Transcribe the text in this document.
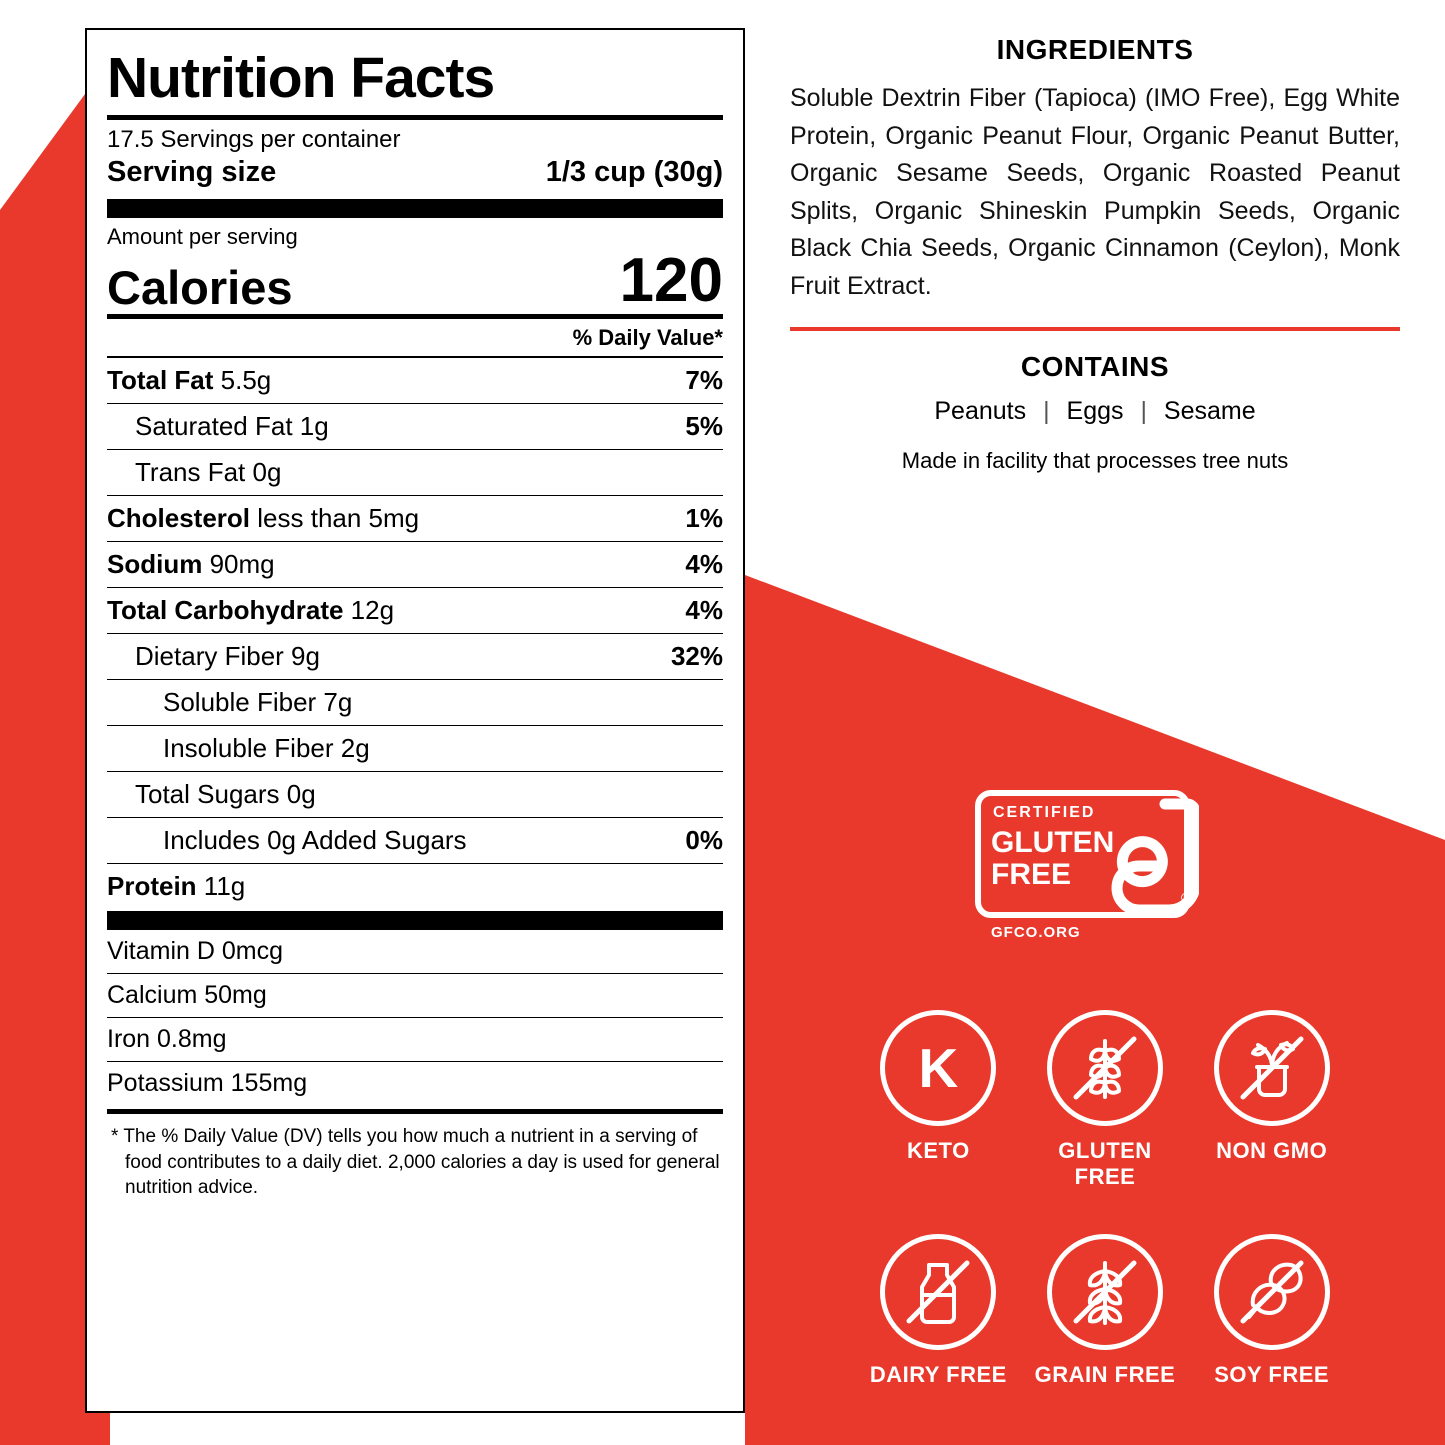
Nutrition Facts
17.5 Servings per container
Serving size	1/3 cup (30g)
Amount per serving
Calories	120
% Daily Value*
Total Fat 5.5g	7%
Saturated Fat 1g	5%
Trans Fat 0g
Cholesterol less than 5mg	1%
Sodium 90mg	4%
Total Carbohydrate 12g	4%
Dietary Fiber 9g	32%
Soluble Fiber 7g
Insoluble Fiber 2g
Total Sugars 0g
Includes 0g Added Sugars	0%
Protein 11g
Vitamin D 0mcg
Calcium 50mg
Iron 0.8mg
Potassium 155mg

* The % Daily Value (DV) tells you how much a nutrient in a serving of food contributes to a daily diet. 2,000 calories a day is used for general nutrition advice.

INGREDIENTS
Soluble Dextrin Fiber (Tapioca) (IMO Free), Egg White Protein, Organic Peanut Flour, Organic Peanut Butter, Organic Sesame Seeds, Organic Roasted Peanut Splits, Organic Shineskin Pumpkin Seeds, Organic Black Chia Seeds, Organic Cinnamon (Ceylon), Monk Fruit Extract.
CONTAINS
Peanuts | Eggs | Sesame
Made in facility that processes tree nuts
CERTIFIED
GLUTEN
FREE
GFCO.ORG
®
K
KETO	GLUTEN FREE
NON GMO
DAIRY FREE	GRAIN FREE	SOY FREE
